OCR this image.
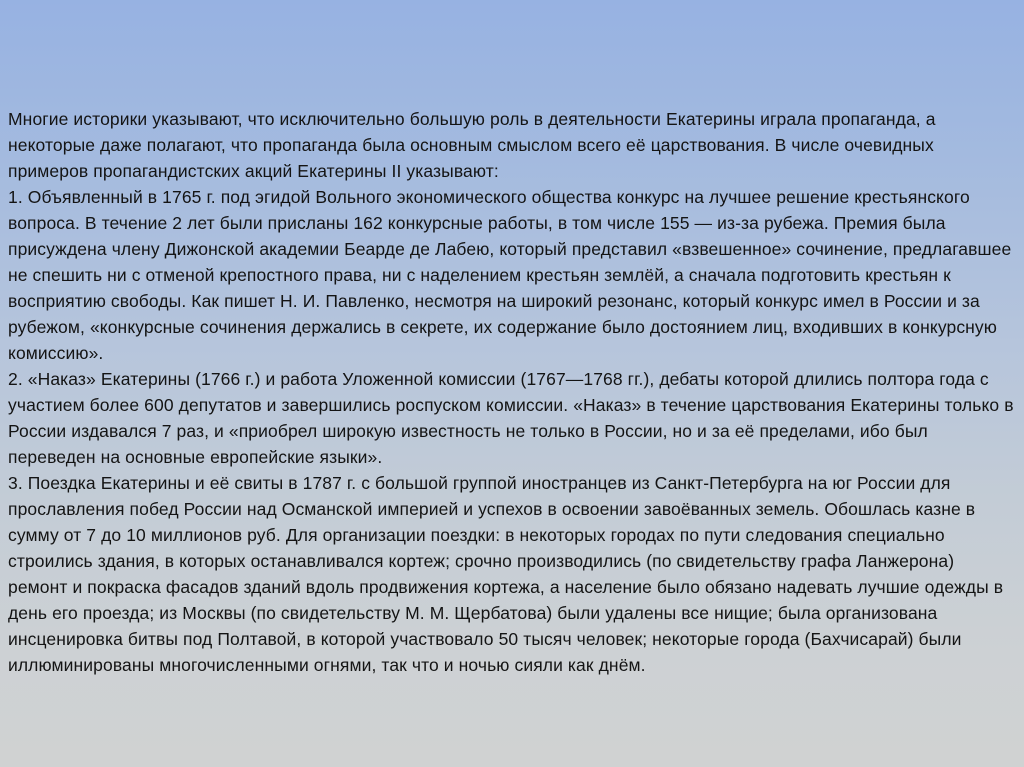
Многие историки указывают, что исключительно большую роль в деятельности Екатерины играла пропаганда, а некоторые даже полагают, что пропаганда была основным смыслом всего её царствования. В числе очевидных примеров пропагандистских акций Екатерины II указывают:

1. Объявленный в 1765 г. под эгидой Вольного экономического общества конкурс на лучшее решение крестьянского вопроса. В течение 2 лет были присланы 162 конкурсные работы, в том числе 155 — из-за рубежа. Премия была присуждена члену Дижонской академии Беарде де Лабею, который представил «взвешенное» сочинение, предлагавшее не спешить ни с отменой крепостного права, ни с наделением крестьян землёй, а сначала подготовить крестьян к восприятию свободы. Как пишет Н. И. Павленко, несмотря на широкий резонанс, который конкурс имел в России и за рубежом, «конкурсные сочинения держались в секрете, их содержание было достоянием лиц, входивших в конкурсную комиссию».

2. «Наказ» Екатерины (1766 г.) и работа Уложенной комиссии (1767—1768 гг.), дебаты которой длились полтора года с участием более 600 депутатов и завершились роспуском комиссии. «Наказ» в течение царствования Екатерины только в России издавался 7 раз, и «приобрел широкую известность не только в России, но и за её пределами, ибо был переведен на основные европейские языки».

3. Поездка Екатерины и её свиты в 1787 г. с большой группой иностранцев из Санкт-Петербурга на юг России для прославления побед России над Османской империей и успехов в освоении завоёванных земель. Обошлась казне в сумму от 7 до 10 миллионов руб. Для организации поездки: в некоторых городах по пути следования специально строились здания, в которых останавливался кортеж; срочно производились (по свидетельству графа Ланжерона) ремонт и покраска фасадов зданий вдоль продвижения кортежа, а население было обязано надевать лучшие одежды в день его проезда; из Москвы (по свидетельству М. М. Щербатова) были удалены все нищие; была организована инсценировка битвы под Полтавой, в которой участвовало 50 тысяч человек; некоторые города (Бахчисарай) были иллюминированы многочисленными огнями, так что и ночью сияли как днём.
